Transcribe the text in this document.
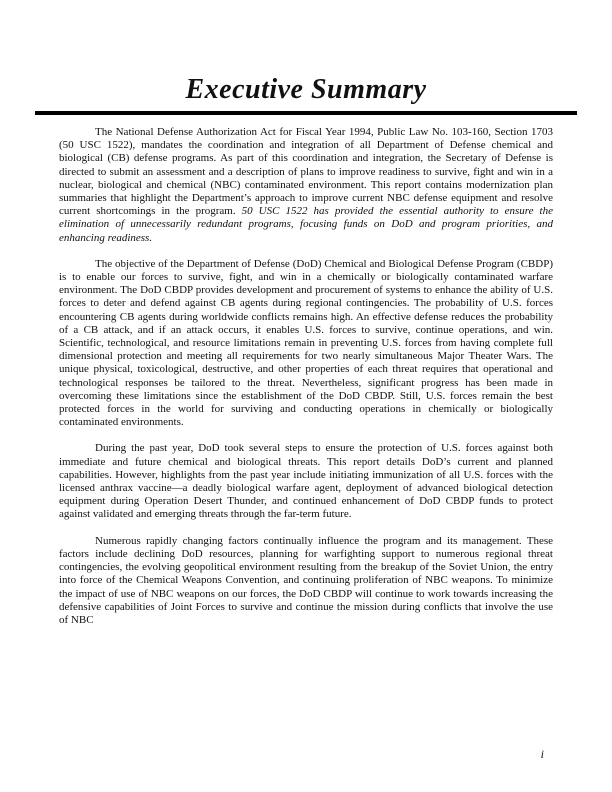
Executive Summary

The National Defense Authorization Act for Fiscal Year 1994, Public Law No. 103-160, Section 1703 (50 USC 1522), mandates the coordination and integration of all Department of Defense chemical and biological (CB) defense programs. As part of this coordination and integration, the Secretary of Defense is directed to submit an assessment and a description of plans to improve readiness to survive, fight and win in a nuclear, biological and chemical (NBC) contaminated environment. This report contains modernization plan summaries that highlight the Department’s approach to improve current NBC defense equipment and resolve current shortcomings in the program. 50 USC 1522 has provided the essential authority to ensure the elimination of unnecessarily redundant programs, focusing funds on DoD and program priorities, and enhancing readiness.

The objective of the Department of Defense (DoD) Chemical and Biological Defense Program (CBDP) is to enable our forces to survive, fight, and win in a chemically or biologically contaminated warfare environment. The DoD CBDP provides development and procurement of systems to enhance the ability of U.S. forces to deter and defend against CB agents during regional contingencies. The probability of U.S. forces encountering CB agents during worldwide conflicts remains high. An effective defense reduces the probability of a CB attack, and if an attack occurs, it enables U.S. forces to survive, continue operations, and win. Scientific, technological, and resource limitations remain in preventing U.S. forces from having complete full dimensional protection and meeting all requirements for two nearly simultaneous Major Theater Wars. The unique physical, toxicological, destructive, and other properties of each threat requires that operational and technological responses be tailored to the threat. Nevertheless, significant progress has been made in overcoming these limitations since the establishment of the DoD CBDP. Still, U.S. forces remain the best protected forces in the world for surviving and conducting operations in chemically or biologically contaminated environments.

During the past year, DoD took several steps to ensure the protection of U.S. forces against both immediate and future chemical and biological threats. This report details DoD’s current and planned capabilities. However, highlights from the past year include initiating immunization of all U.S. forces with the licensed anthrax vaccine—a deadly biological warfare agent, deployment of advanced biological detection equipment during Operation Desert Thunder, and continued enhancement of DoD CBDP funds to protect against validated and emerging threats through the far-term future.

Numerous rapidly changing factors continually influence the program and its management. These factors include declining DoD resources, planning for warfighting support to numerous regional threat contingencies, the evolving geopolitical environment resulting from the breakup of the Soviet Union, the entry into force of the Chemical Weapons Convention, and continuing proliferation of NBC weapons. To minimize the impact of use of NBC weapons on our forces, the DoD CBDP will continue to work towards increasing the defensive capabilities of Joint Forces to survive and continue the mission during conflicts that involve the use of NBC

i
